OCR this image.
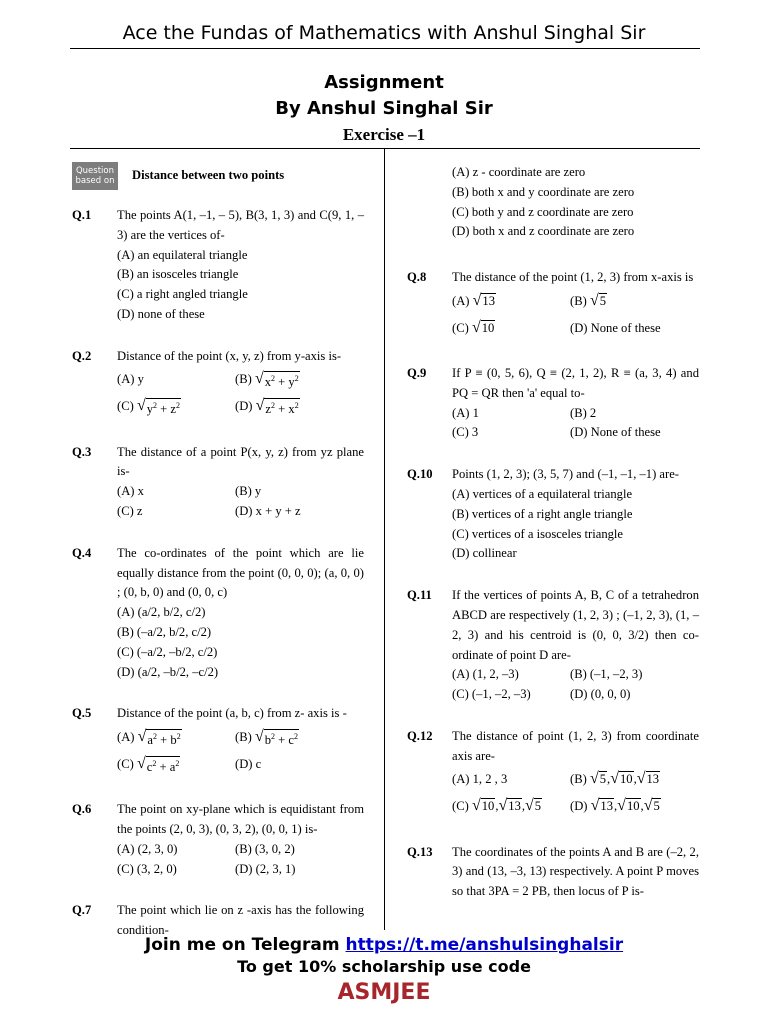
Ace the Fundas of Mathematics with Anshul Singhal Sir
Assignment
By Anshul Singhal Sir
Exercise –1
Question based on Distance between two points
Q.1	The points A(1, –1, – 5), B(3, 1, 3) and C(9, 1, –3) are the vertices of-
(A) an equilateral triangle
(B) an isosceles triangle
(C) a right angled triangle
(D) none of these
Q.2	Distance of the point (x, y, z) from y-axis is-
(A) y	(B) √ $x^2 + y^2$
(C) √ $y^2 + z^2$	(D) √ $z^2 + x^2$
Q.3	The distance of a point P(x, y, z) from yz plane is-
(A) x	(B) y
(C) z	(D) x + y + z
Q.4	The co-ordinates of the point which are lie equally distance from the point (0, 0, 0); (a, 0, 0) ; (0, b, 0) and (0, 0, c)
(A) (a/2, b/2, c/2)
(B) (–a/2, b/2, c/2)
(C) (–a/2, –b/2, c/2)
(D) (a/2, –b/2, –c/2)
Q.5	Distance of the point (a, b, c) from z- axis is -
(A) √ $a^2 + b^2$	(B) √ $b^2 + c^2$
(C) √ $c^2 + a^2$	(D) c
Q.6	The point on xy-plane which is equidistant from the points (2, 0, 3), (0, 3, 2), (0, 0, 1) is-
(A) (2, 3, 0)	(B) (3, 0, 2)
(C) (3, 2, 0)	(D) (2, 3, 1)
Q.7	The point which lie on z -axis has the following condition-
(A) z - coordinate are zero
(B) both x and y coordinate are zero
(C) both y and z coordinate are zero
(D) both x and z coordinate are zero
Q.8	The distance of the point (1, 2, 3) from x-axis is
(A) √ 13	(B) √ 5
(C) √ 10	(D) None of these
Q.9	If P ≡ (0, 5, 6), Q ≡ (2, 1, 2), R ≡ (a, 3, 4) and PQ = QR then 'a' equal to-
(A) 1	(B) 2
(C) 3	(D) None of these
Q.10	Points (1, 2, 3); (3, 5, 7) and (–1, –1, –1) are-
(A) vertices of a equilateral triangle
(B) vertices of a right angle triangle
(C) vertices of a isosceles triangle
(D) collinear
Q.11	If the vertices of points A, B, C of a tetrahedron ABCD are respectively (1, 2, 3) ; (–1, 2, 3), (1, –2, 3) and his centroid is (0, 0, 3/2) then co-ordinate of point D are-
(A) (1, 2, –3)	(B) (–1, –2, 3)
(C) (–1, –2, –3)	(D) (0, 0, 0)
Q.12	The distance of point (1, 2, 3) from coordinate axis are-
(A) 1, 2 , 3	(B) √ 5 , √ 10 , √ 13
(C) √ 10 , √ 13 , √ 5 (D) √ 13 , √ 10 , √ 5
Q.13	The coordinates of the points A and B are (–2, 2, 3) and (13, –3, 13) respectively. A point P moves so that 3PA = 2 PB, then locus of P is-
Join me on Telegram https://t.me/anshulsinghalsir
To get 10% scholarship use code
ASMJEE
